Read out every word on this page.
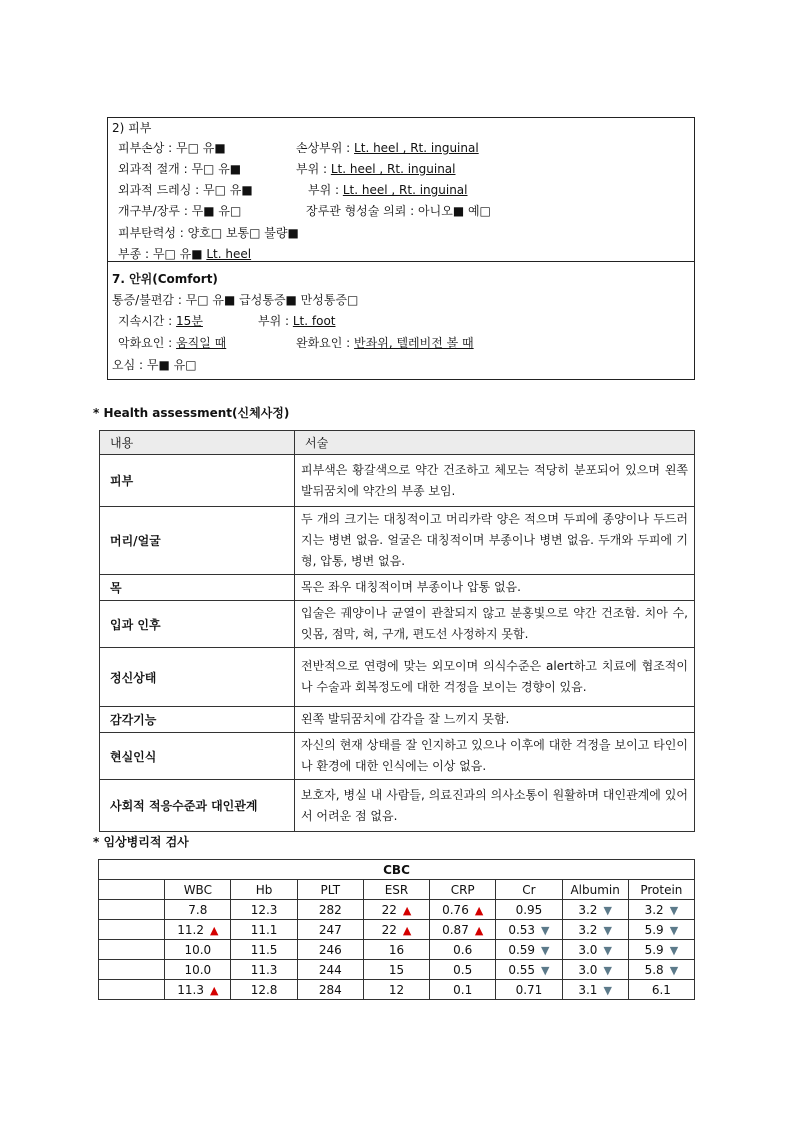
2) 피부
피부손상 : 무□ 유■	손상부위 : Lt. heel , Rt. inguinal
외과적 절개 : 무□ 유■	부위 : Lt. heel , Rt. inguinal
외과적 드레싱 : 무□ 유■	부위 : Lt. heel , Rt. inguinal
개구부/장루 : 무■ 유□	장루관 형성술 의뢰 : 아니오■ 예□
피부탄력성 : 양호□ 보통□ 불량■
부종 : 무□ 유■ Lt. heel
7. 안위(Comfort)
통증/불편감 : 무□ 유■ 급성통증■ 만성통증□
지속시간 : 15분	부위 : Lt. foot
악화요인 : 움직일 때	완화요인 : 반좌위, 텔레비전 볼 때
오심 : 무■ 유□
* Health assessment(신체사정)
내용	서술
피부	피부색은 황갈색으로 약간 건조하고 체모는 적당히 분포되어 있으며 왼쪽 발뒤꿈치에 약간의 부종 보임.
머리/얼굴	두 개의 크기는 대칭적이고 머리카락 양은 적으며 두피에 종양이나 두드러지는 병변 없음. 얼굴은 대칭적이며 부종이나 병변 없음. 두개와 두피에 기형, 압통, 병변 없음.
목	목은 좌우 대칭적이며 부종이나 압통 없음.
입과 인후	입술은 궤양이나 균열이 관찰되지 않고 분홍빛으로 약간 건조함. 치아 수, 잇몸, 점막, 혀, 구개, 편도선 사정하지 못함.
정신상태	전반적으로 연령에 맞는 외모이며 의식수준은 alert하고 치료에 협조적이나 수술과 회복정도에 대한 걱정을 보이는 경향이 있음.
감각기능	왼쪽 발뒤꿈치에 감각을 잘 느끼지 못함.
현실인식	자신의 현재 상태를 잘 인지하고 있으나 이후에 대한 걱정을 보이고 타인이나 환경에 대한 인식에는 이상 없음.
사회적 적응수준과 대인관계	보호자, 병실 내 사람들, 의료진과의 의사소통이 원활하며 대인관계에 있어서 어려운 점 없음.
* 임상병리적 검사
CBC								
	WBC	Hb	PLT	ESR	CRP	Cr	Albumin	Protein
	7.8	12.3	282	22 ▲	0.76 ▲	0.95	3.2 ▼	3.2 ▼
	11.2 ▲	11.1	247	22 ▲	0.87 ▲	0.53 ▼	3.2 ▼	5.9 ▼
	10.0	11.5	246	16	0.6	0.59 ▼	3.0 ▼	5.9 ▼
	10.0	11.3	244	15	0.5	0.55 ▼	3.0 ▼	5.8 ▼
	11.3 ▲	12.8	284	12	0.1	0.71	3.1 ▼	6.1
